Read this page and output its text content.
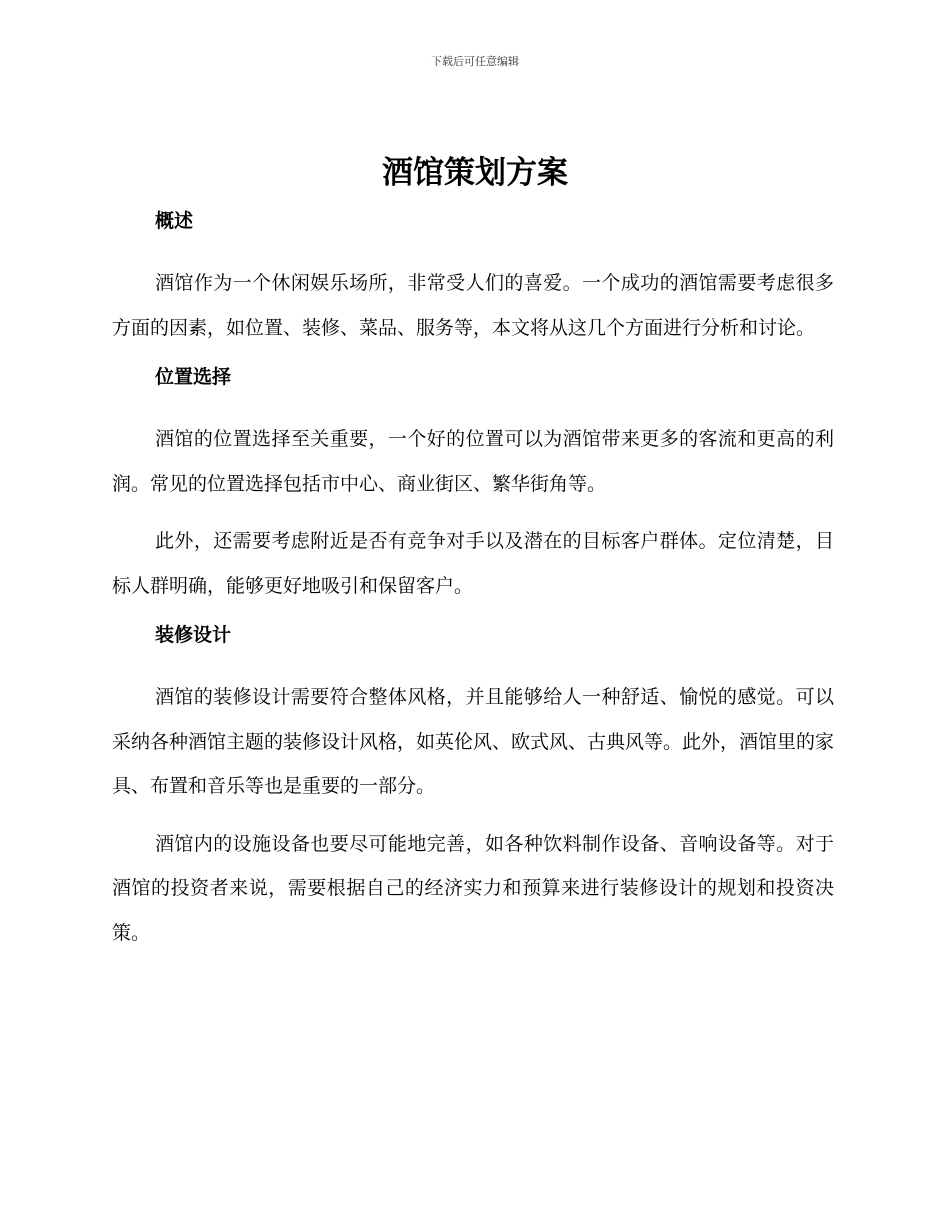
下载后可任意编辑
酒馆策划方案
概述

酒馆作为一个休闲娱乐场所，非常受人们的喜爱。一个成功的酒馆需要考虑很多方面的因素，如位置、装修、菜品、服务等，本文将从这几个方面进行分析和讨论。

位置选择

酒馆的位置选择至关重要，一个好的位置可以为酒馆带来更多的客流和更高的利润。常见的位置选择包括市中心、商业街区、繁华街角等。

此外，还需要考虑附近是否有竞争对手以及潜在的目标客户群体。定位清楚，目标人群明确，能够更好地吸引和保留客户。

装修设计

酒馆的装修设计需要符合整体风格，并且能够给人一种舒适、愉悦的感觉。可以采纳各种酒馆主题的装修设计风格，如英伦风、欧式风、古典风等。此外，酒馆里的家具、布置和音乐等也是重要的一部分。

酒馆内的设施设备也要尽可能地完善，如各种饮料制作设备、音响设备等。对于酒馆的投资者来说，需要根据自己的经济实力和预算来进行装修设计的规划和投资决策。
